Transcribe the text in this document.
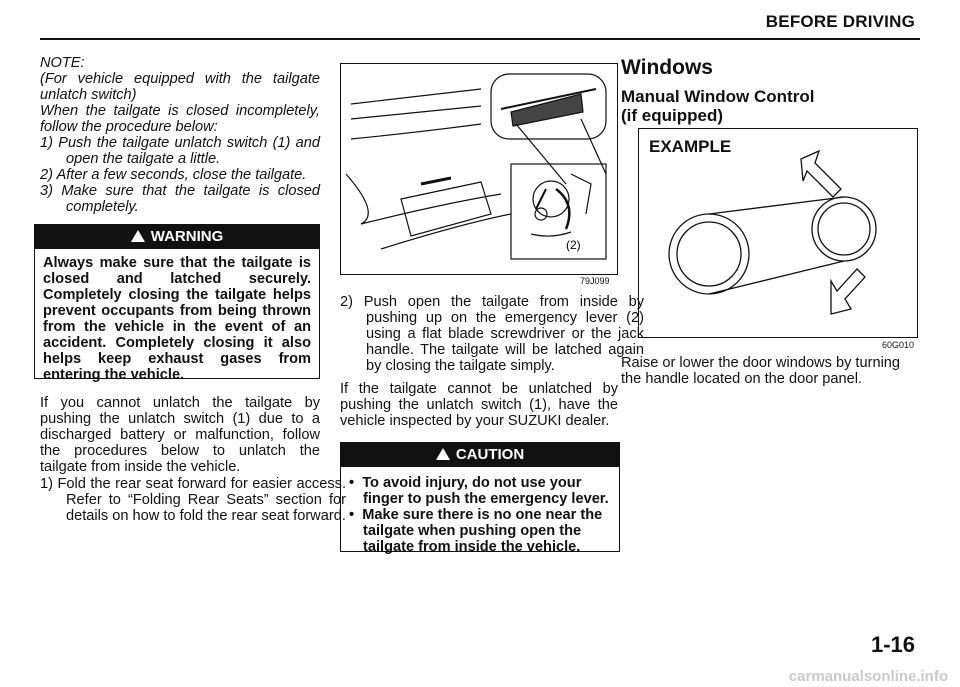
BEFORE DRIVING
NOTE:
(For vehicle equipped with the tailgate unlatch switch)
When the tailgate is closed incompletely, follow the procedure below:
1) Push the tailgate unlatch switch (1) and open the tailgate a little.
2) After a few seconds, close the tailgate.
3) Make sure that the tailgate is closed completely.
WARNING
Always make sure that the tailgate is closed and latched securely. Completely closing the tailgate helps prevent occupants from being thrown from the vehicle in the event of an accident. Completely closing it also helps keep exhaust gases from entering the vehicle.
If you cannot unlatch the tailgate by pushing the unlatch switch (1) due to a discharged battery or malfunction, follow the procedures below to unlatch the tailgate from inside the vehicle.
1) Fold the rear seat forward for easier access. Refer to “Folding Rear Seats” section for details on how to fold the rear seat forward.
(2)
79J099
2) Push open the tailgate from inside by pushing up on the emergency lever (2) using a flat blade screwdriver or the jack handle. The tailgate will be latched again by closing the tailgate simply.
If the tailgate cannot be unlatched by pushing the unlatch switch (1), have the vehicle inspected by your SUZUKI dealer.
CAUTION
•  To avoid injury, do not use your finger to push the emergency lever.
•  Make sure there is no one near the tailgate when pushing open the tailgate from inside the vehicle.
Windows
Manual Window Control
(if equipped)
EXAMPLE
60G010
Raise or lower the door windows by turning the handle located on the door panel.
1-16
carmanualsonline.info
